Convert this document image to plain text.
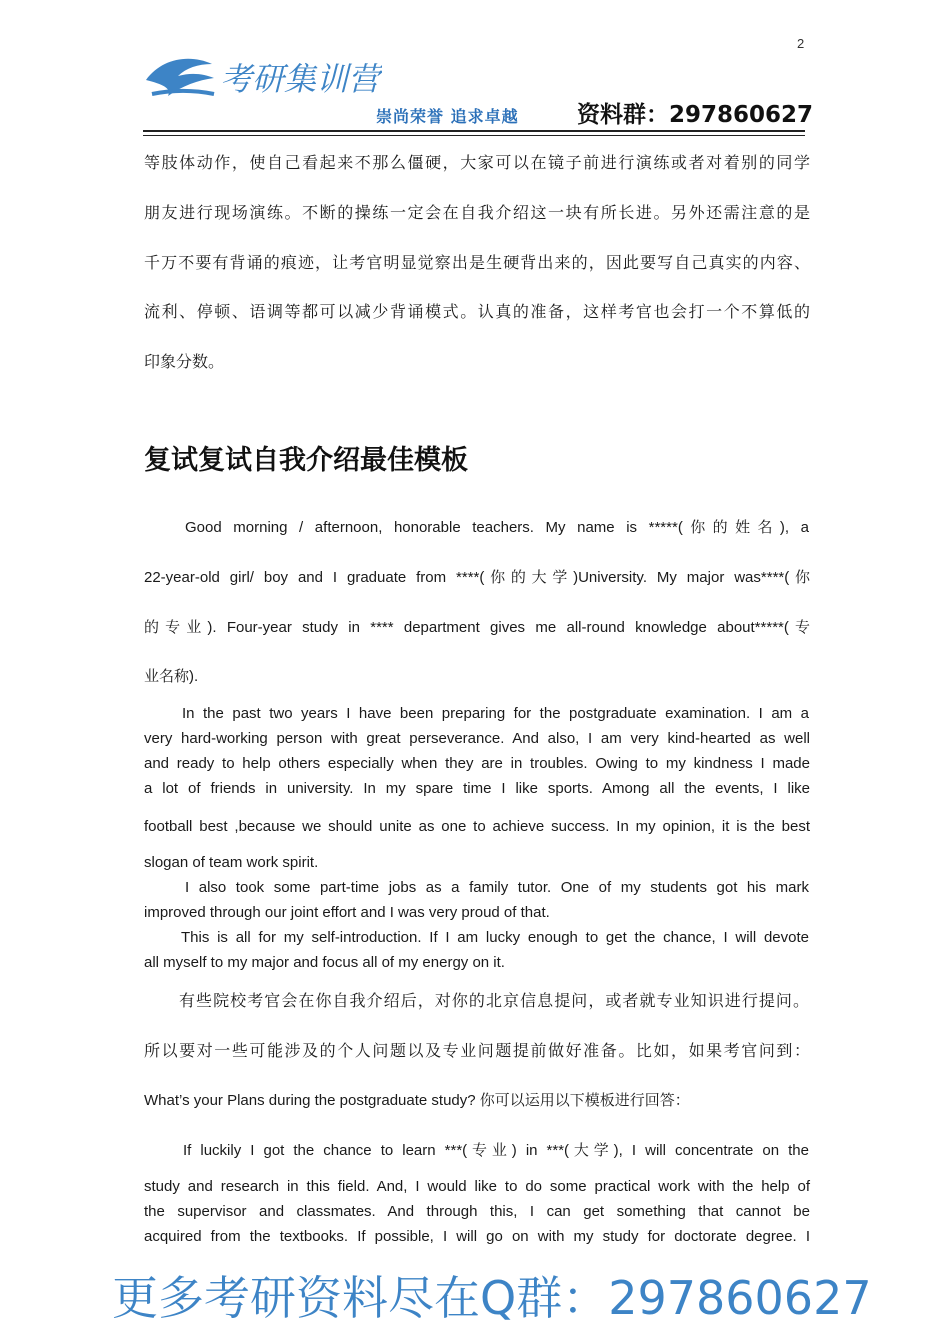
2
考研集训营
崇尚荣誉 追求卓越	资料群：297860627
等肢体动作，使自己看起来不那么僵硬，大家可以在镜子前进行演练或者对着别的同学
朋友进行现场演练。不断的操练一定会在自我介绍这一块有所长进。另外还需注意的是
千万不要有背诵的痕迹，让考官明显觉察出是生硬背出来的，因此要写自己真实的内容、
流利、停顿、语调等都可以减少背诵模式。认真的准备，这样考官也会打一个不算低的
印象分数。
复试复试自我介绍最佳模板
Good morning / afternoon, honorable teachers. My name is *****(你的姓名), a
22-year-old girl/ boy and I graduate from ****(你的大学)University. My major was****(你
的专业). Four-year study in **** department gives me all-round knowledge about*****(专
业名称).
In the past two years I have been preparing for the postgraduate examination. I am a
very hard-working person with great perseverance. And also, I am very kind-hearted as well
and ready to help others especially when they are in troubles. Owing to my kindness I made
a lot of friends in university. In my spare time I like sports. Among all the events, I like
football best ,because we should unite as one to achieve success. In my opinion, it is the best
slogan of team work spirit.
I also took some part-time jobs as a family tutor. One of my students got his mark
improved through our joint effort and I was very proud of that.
This is all for my self-introduction. If I am lucky enough to get the chance, I will devote
all myself to my major and focus all of my energy on it.
有些院校考官会在你自我介绍后，对你的北京信息提问，或者就专业知识进行提问。
所以要对一些可能涉及的个人问题以及专业问题提前做好准备。比如，如果考官问到：
What’s your Plans during the postgraduate study? 你可以运用以下模板进行回答：
If luckily I got the chance to learn ***(专业) in ***(大学), I will concentrate on the
study and research in this field. And, I would like to do some practical work with the help of
the supervisor and classmates. And through this, I can get something that cannot be
acquired from the textbooks. If possible, I will go on with my study for doctorate degree. I
更多考研资料尽在Q群：297860627
